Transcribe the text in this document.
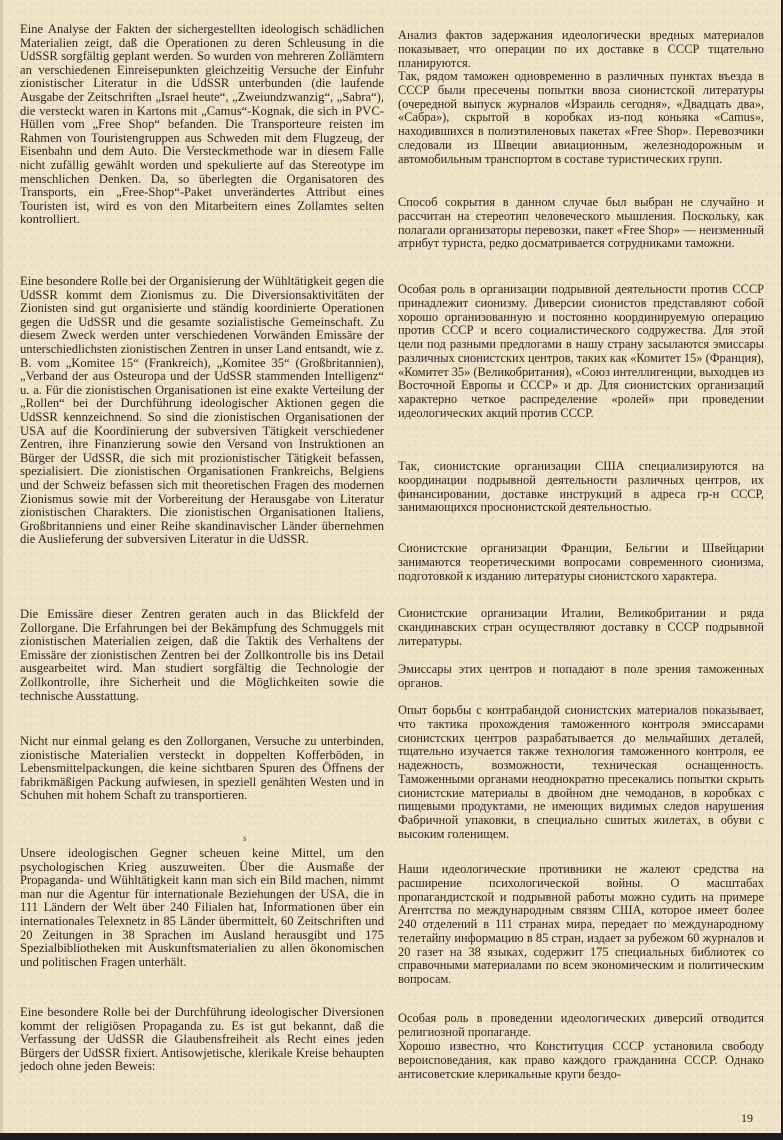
Eine Analyse der Fakten der sichergestellten ideologisch schädlichen Materialien zeigt, daß die Operationen zu deren Schleusung in die UdSSR sorgfältig geplant werden. So wurden von mehreren Zollämtern an verschiedenen Einreisepunkten gleichzeitig Versuche der Einfuhr zionistischer Literatur in die UdSSR unterbunden (die laufende Ausgabe der Zeitschriften „Israel heute“, „Zweiundzwanzig“, „Sabra“), die versteckt waren in Kartons mit „Camus“-Kognak, die sich in PVC-Hüllen vom „Free Shop“ befanden. Die Transporteure reisten im Rahmen von Touristengruppen aus Schweden mit dem Flugzeug, der Eisenbahn und dem Auto. Die Versteckmethode war in diesem Falle nicht zufällig gewählt worden und spekulierte auf das Stereotype im menschlichen Denken. Da, so überlegten die Organisatoren des Transports, ein „Free-Shop“-Paket unverändertes Attribut eines Touristen ist, wird es von den Mitarbeitern eines Zollamtes selten kontrolliert.

Eine besondere Rolle bei der Organisierung der Wühltätigkeit gegen die UdSSR kommt dem Zionismus zu. Die Diversionsaktivitäten der Zionisten sind gut organisierte und ständig koordinierte Operationen gegen die UdSSR und die gesamte sozialistische Gemeinschaft. Zu diesem Zweck werden unter verschiedenen Vorwänden Emissäre der unterschiedlichsten zionistischen Zentren in unser Land entsandt, wie z. B. vom „Komitee 15“ (Frankreich), „Komitee 35“ (Großbritannien), „Verband der aus Osteuropa und der UdSSR stammenden Intelligenz“ u. a. Für die zionistischen Organisationen ist eine exakte Verteilung der „Rollen“ bei der Durchführung ideologischer Aktionen gegen die UdSSR kennzeichnend. So sind die zionistischen Organisationen der USA auf die Koordinierung der subversiven Tätigkeit verschiedener Zentren, ihre Finanzierung sowie den Versand von Instruktionen an Bürger der UdSSR, die sich mit prozionistischer Tätigkeit befassen, spezialisiert. Die zionistischen Organisationen Frankreichs, Belgiens und der Schweiz befassen sich mit theoretischen Fragen des modernen Zionismus sowie mit der Vorbereitung der Herausgabe von Literatur zionistischen Charakters. Die zionistischen Organisationen Italiens, Großbritanniens und einer Reihe skandinavischer Länder übernehmen die Auslieferung der subversiven Literatur in die UdSSR.

Die Emissäre dieser Zentren geraten auch in das Blickfeld der Zollorgane. Die Erfahrungen bei der Bekämpfung des Schmuggels mit zionistischen Materialien zeigen, daß die Taktik des Verhaltens der Emissäre der zionistischen Zentren bei der Zollkontrolle bis ins Detail ausgearbeitet wird. Man studiert sorgfältig die Technologie der Zollkontrolle, ihre Sicherheit und die Möglichkeiten sowie die technische Ausstattung.

Nicht nur einmal gelang es den Zollorganen, Versuche zu unterbinden, zionistische Materialien versteckt in doppelten Kofferböden, in Lebensmittelpackungen, die keine sichtbaren Spuren des Öffnens der fabrikmäßigen Packung aufwiesen, in speziell genähten Westen und in Schuhen mit hohem Schaft zu transportieren.

Unsere ideologischen Gegner scheuen keine Mittel, um den psychologischen Krieg auszuweiten. Über die Ausmaße der Propaganda- und Wühltätigkeit kann man sich ein Bild machen, nimmt man nur die Agentur für internationale Beziehungen der USA, die in 111 Ländern der Welt über 240 Filialen hat, Informationen über ein internationales Telexnetz in 85 Länder übermittelt, 60 Zeitschriften und 20 Zeitungen in 38 Sprachen im Ausland herausgibt und 175 Spezialbibliotheken mit Auskunftsmaterialien zu allen ökonomischen und politischen Fragen unterhält.

Eine besondere Rolle bei der Durchführung ideologischer Diversionen kommt der religiösen Propaganda zu. Es ist gut bekannt, daß die Verfassung der UdSSR die Glaubensfreiheit als Recht eines jeden Bürgers der UdSSR fixiert. Antisowjetische, klerikale Kreise behaupten jedoch ohne jeden Beweis:

s

Анализ фактов задержания идеологически вредных материалов показывает, что операции по их доставке в СССР тщательно планируются.

Так, рядом таможен одновременно в различных пунктах въезда в СССР были пресечены попытки ввоза сионистской литературы (очередной выпуск журналов «Израиль сегодня», «Двадцать два», «Сабра»), скрытой в коробках из-под коньяка «Camus», находившихся в полиэтиленовых пакетах «Free Shop». Перевозчики следовали из Швеции авиационным, железнодорожным и автомобильным транспортом в составе туристических групп.

Способ сокрытия в данном случае был выбран не случайно и рассчитан на стереотип человеческого мышления. Поскольку, как полагали организаторы перевозки, пакет «Free Shop» — неизменный атрибут туриста, редко досматривается сотрудниками таможни.

Особая роль в организации подрывной деятельности против СССР принадлежит сионизму. Диверсии сионистов представляют собой хорошо организованную и постоянно координируемую операцию против СССР и всего социалистического содружества. Для этой цели под разными предлогами в нашу страну засылаются эмиссары различных сионистских центров, таких как «Комитет 15» (Франция), «Комитет 35» (Великобритания), «Союз интеллигенции, выходцев из Восточной Европы и СССР» и др. Для сионистских организаций характерно четкое распределение «ролей» при проведении идеологических акций против СССР.

Так, сионистские организации США специализируются на координации подрывной деятельности различных центров, их финансировании, доставке инструкций в адреса гр-н СССР, занимающихся просионистской деятельностью.

Сионистские организации Франции, Бельгии и Швейцарии занимаются теоретическими вопросами современного сионизма, подготовкой к изданию литературы сионистского характера.

Сионистские организации Италии, Великобритании и ряда скандинавских стран осуществляют доставку в СССР подрывной литературы.

Эмиссары этих центров и попадают в поле зрения таможенных органов.

Опыт борьбы с контрабандой сионистских материалов показывает, что тактика прохождения таможенного контроля эмиссарами сионистских центров разрабатывается до мельчайших деталей, тщательно изучается также технология таможенного контроля, ее надежность, возможности, техническая оснащенность. Таможенными органами неоднократно пресекались попытки скрыть сионистские материалы в двойном дне чемоданов, в коробках с пищевыми продуктами, не имеющих видимых следов нарушения Фабричной упаковки, в специально сшитых жилетах, в обуви с высоким голенищем.

Наши идеологические противники не жалеют средства на расширение психологической войны. О масштабах пропагандистской и подрывной работы можно судить на примере Агентства по международным связям США, которое имеет более 240 отделений в 111 странах мира, передает по международному телетайпу информацию в 85 стран, издает за рубежом 60 журналов и 20 газет на 38 языках, содержит 175 специальных библиотек со справочными материалами по всем экономическим и политическим вопросам.

Особая роль в проведении идеологических диверсий отводится религиозной пропаганде.

Хорошо известно, что Конституция СССР установила свободу вероисповедания, как право каждого гражданина СССР. Однако антисоветские клерикальные круги бездо-

19
